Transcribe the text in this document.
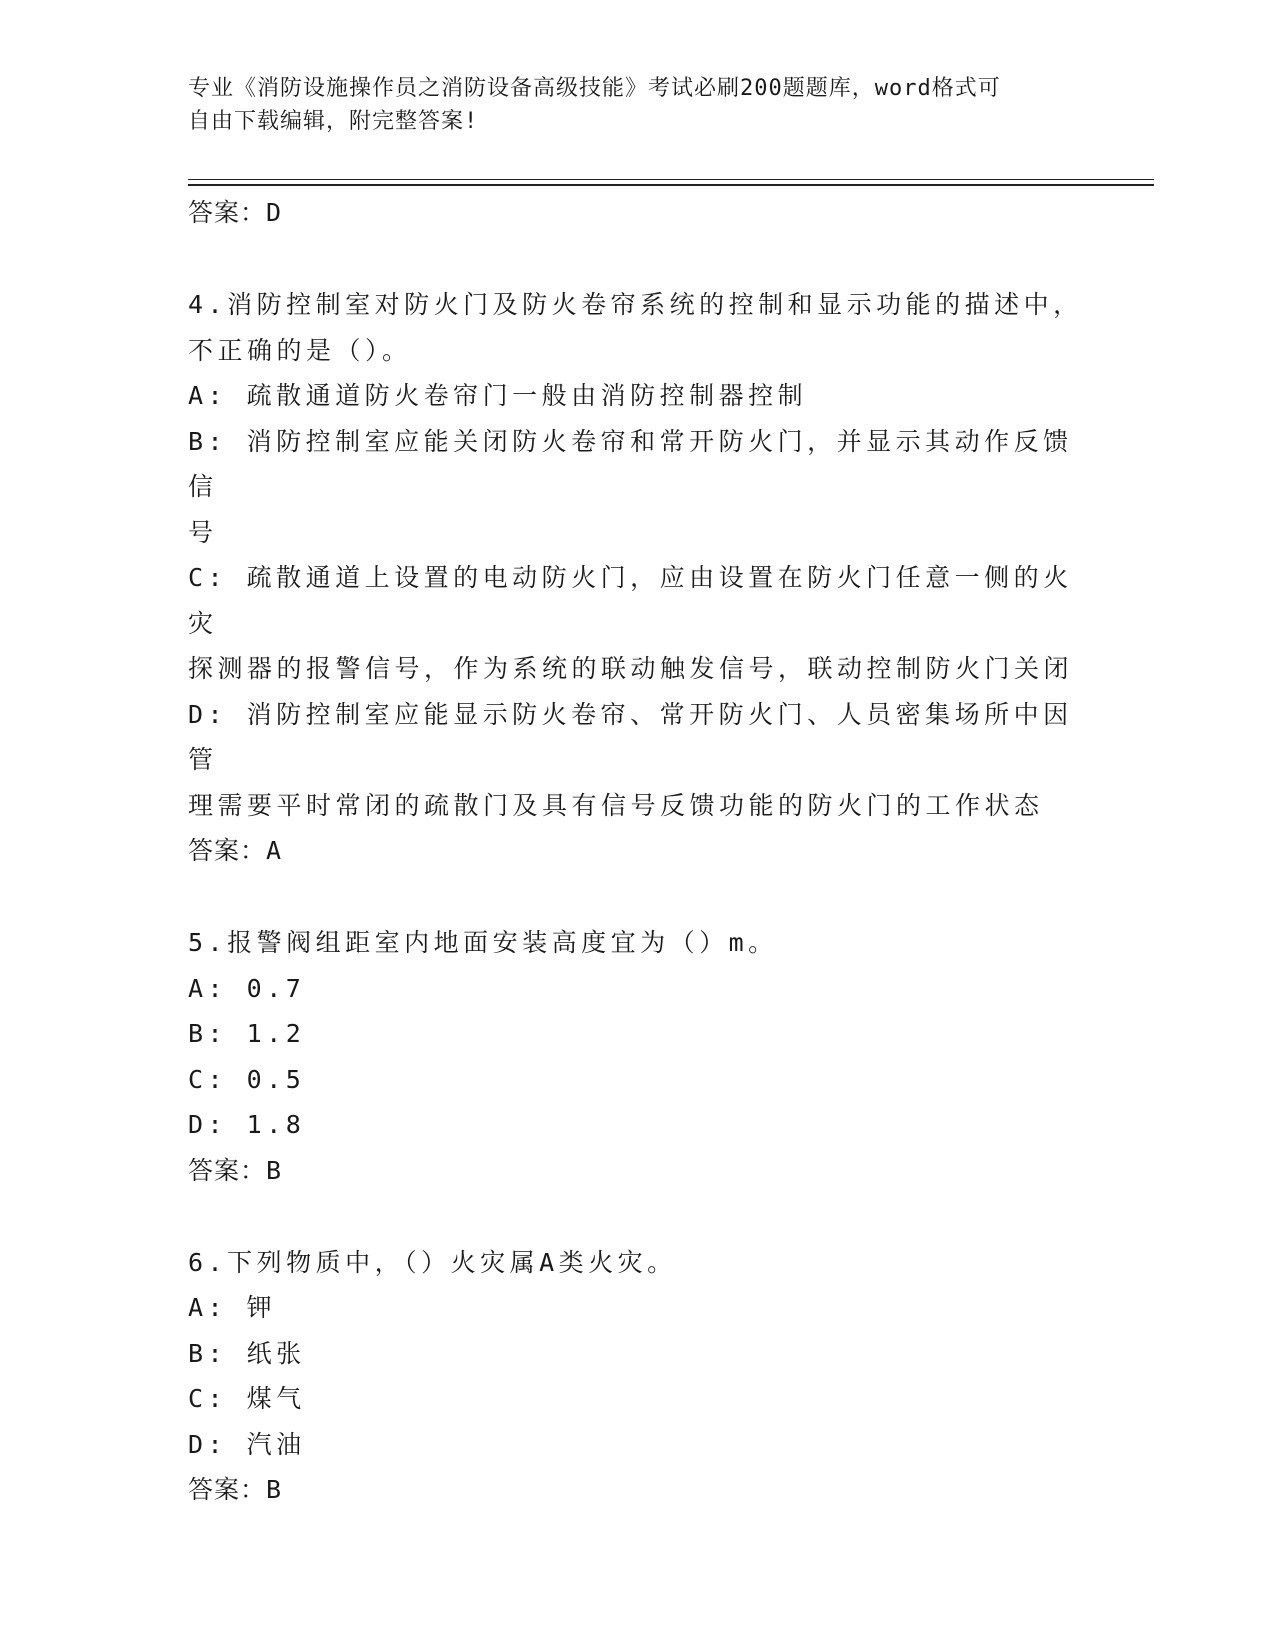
专业《消防设施操作员之消防设备高级技能》考试必刷200题题库，word格式可
自由下载编辑，附完整答案!
答案：D
4.消防控制室对防火门及防火卷帘系统的控制和显示功能的描述中，
不正确的是（）。
A: 疏散通道防火卷帘门一般由消防控制器控制
B: 消防控制室应能关闭防火卷帘和常开防火门，并显示其动作反馈信
号
C: 疏散通道上设置的电动防火门，应由设置在防火门任意一侧的火灾
探测器的报警信号，作为系统的联动触发信号，联动控制防火门关闭
D: 消防控制室应能显示防火卷帘、常开防火门、人员密集场所中因管
理需要平时常闭的疏散门及具有信号反馈功能的防火门的工作状态
答案：A
5.报警阀组距室内地面安装高度宜为（）m。
A: 0.7
B: 1.2
C: 0.5
D: 1.8
答案：B
6.下列物质中，（）火灾属A类火灾。
A: 钾
B: 纸张
C: 煤气
D: 汽油
答案：B
